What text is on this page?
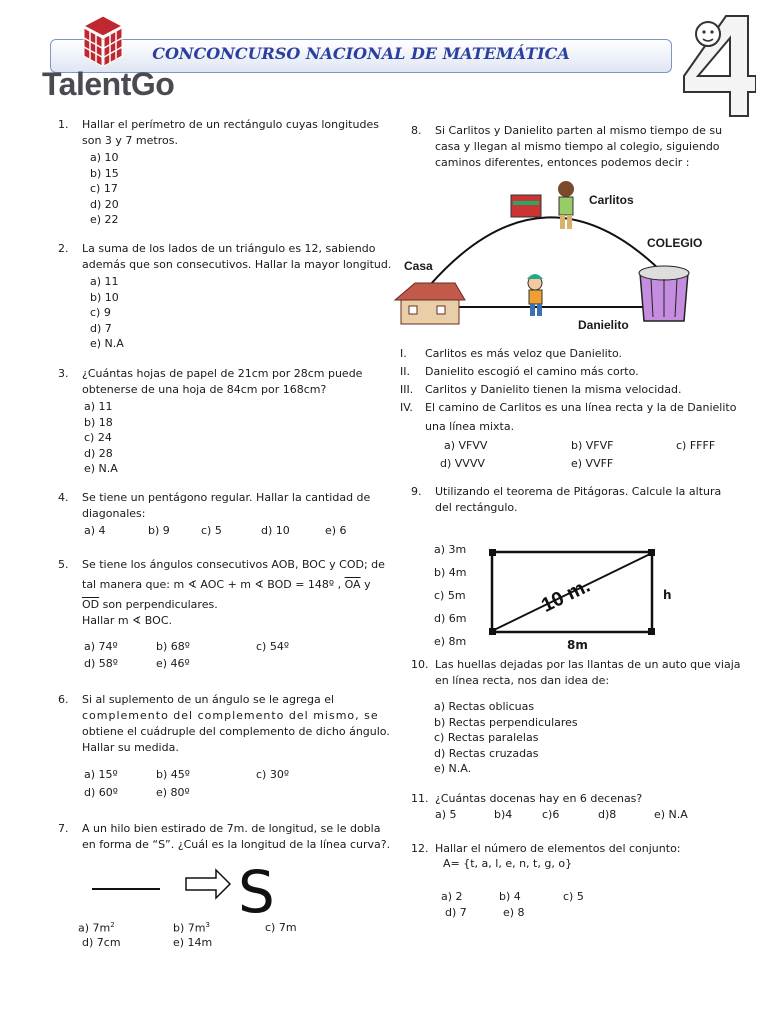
CONCONCURSO NACIONAL DE MATEMÁTICA
TalentGo
1.	Hallar el perímetro de un rectángulo cuyas longitudes
son 3 y 7 metros.
a) 10
b) 15
c) 17
d) 20
e) 22
2.	La suma de los lados de un triángulo es 12, sabiendo
además que son consecutivos. Hallar la mayor longitud.
a) 11
b) 10
c) 9
d) 7
e) N.A
3.	¿Cuántas hojas de papel de 21cm por 28cm puede
obtenerse de una hoja de 84cm por 168cm?
a) 11
b) 18
c) 24
d) 28
e) N.A
4.	Se tiene un pentágono regular. Hallar la cantidad de
diagonales:
a) 4	b) 9	c) 5	d) 10	e) 6
5.	Se tiene los ángulos consecutivos AOB, BOC y COD; de
tal manera que: m ∢ AOC + m ∢ BOD = 148º , $\overline{OA}$ y
$\overline{OD}$ son perpendiculares.
Hallar m ∢ BOC.
a) 74º	b) 68º	c) 54º
d) 58º	e) 46º
6.	Si al suplemento de un ángulo se le agrega el
complemento del complemento del mismo, se
obtiene el cuádruple del complemento de dicho ángulo.
Hallar su medida.
a) 15º	b) 45º	c) 30º
d) 60º	e) 80º
7.	A un hilo bien estirado de 7m. de longitud, se le dobla
en forma de “S”. ¿Cuál es la longitud de la línea curva?.
S
a) $7m^2$	b) $7m^3$	c) 7m
d) 7cm	e) 14m
8.	Si Carlitos y Danielito parten al mismo tiempo de su
casa y llegan al mismo tiempo al colegio, siguiendo
caminos diferentes, entonces podemos decir :
Carlitos
COLEGIO
Casa
Danielito
I.	Carlitos es más veloz que Danielito.
II. Danielito escogió el camino más corto.
III. Carlitos y Danielito tienen la misma velocidad.
IV. El camino de Carlitos es una línea recta y la de Danielito
una línea mixta.
a) VFVV	b) VFVF	c) FFFF
d) VVVV	e) VVFF
9.	Utilizando el teorema de Pitágoras. Calcule la altura
del rectángulo.
a) 3m
b) 4m
c) 5m
d) 6m
e) 8m
10 m.	h
8m
10. Las huellas dejadas por las llantas de un auto que viaja
en línea recta, nos dan idea de:
a) Rectas oblicuas
b) Rectas perpendiculares
c) Rectas paralelas
d) Rectas cruzadas
e) N.A.
11. ¿Cuántas docenas hay en 6 decenas?
a) 5	b)4	c)6	d)8	e) N.A
12. Hallar el número de elementos del conjunto:
A= {t, a, l, e, n, t, g, o}
a) 2	b) 4	c) 5
d) 7	e) 8
